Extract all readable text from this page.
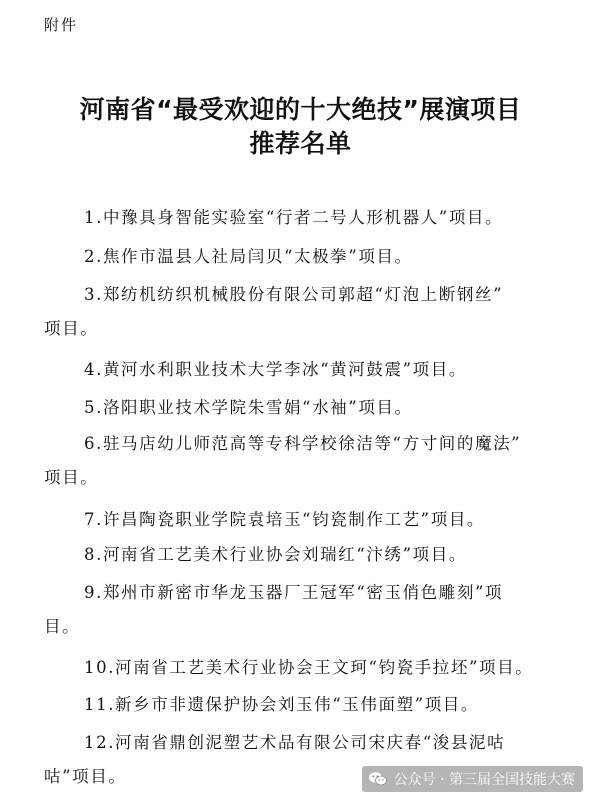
附件
河南省“最受欢迎的十大绝技”展演项目
推荐名单
1.中豫具身智能实验室“行者二号人形机器人”项目。
2.焦作市温县人社局闫贝“太极拳”项目。
3.郑纺机纺织机械股份有限公司郭超“灯泡上断钢丝”
项目。
4.黄河水利职业技术大学李冰“黄河鼓震”项目。
5.洛阳职业技术学院朱雪娟“水袖”项目。
6.驻马店幼儿师范高等专科学校徐洁等“方寸间的魔法”
项目。
7.许昌陶瓷职业学院袁培玉“钧瓷制作工艺”项目。
8.河南省工艺美术行业协会刘瑞红“汴绣”项目。
9.郑州市新密市华龙玉器厂王冠军“密玉俏色雕刻”项
目。
10.河南省工艺美术行业协会王文珂“钧瓷手拉坯”项目。
11.新乡市非遗保护协会刘玉伟“玉伟面塑”项目。
12.河南省鼎创泥塑艺术品有限公司宋庆春“浚县泥咕
咕”项目。	公众号 · 第三届全国技能大赛
